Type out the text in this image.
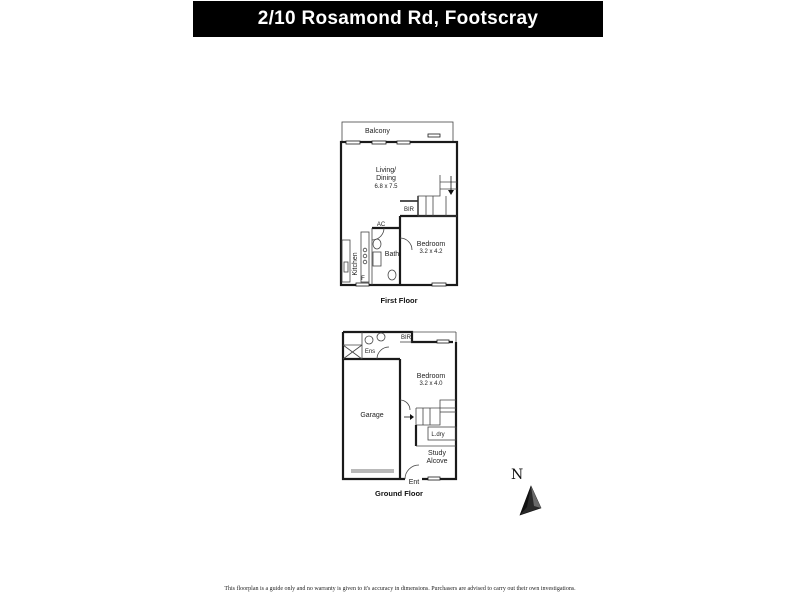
2/10 Rosamond Rd, Footscray
Balcony
Living/
Dining
6.8 x 7.5
BIR
AC
Bedroom
3.2 x 4.2
Bath
Kitchen
F
First Floor
Ens
BIR
Bedroom
3.2 x 4.0
Garage
L.dry
Study
Alcove
Ent
Ground Floor
N
This floorplan is a guide only and no warranty is given to it's accuracy in dimensions. Purchasers are advised to carry out their own investigations.
